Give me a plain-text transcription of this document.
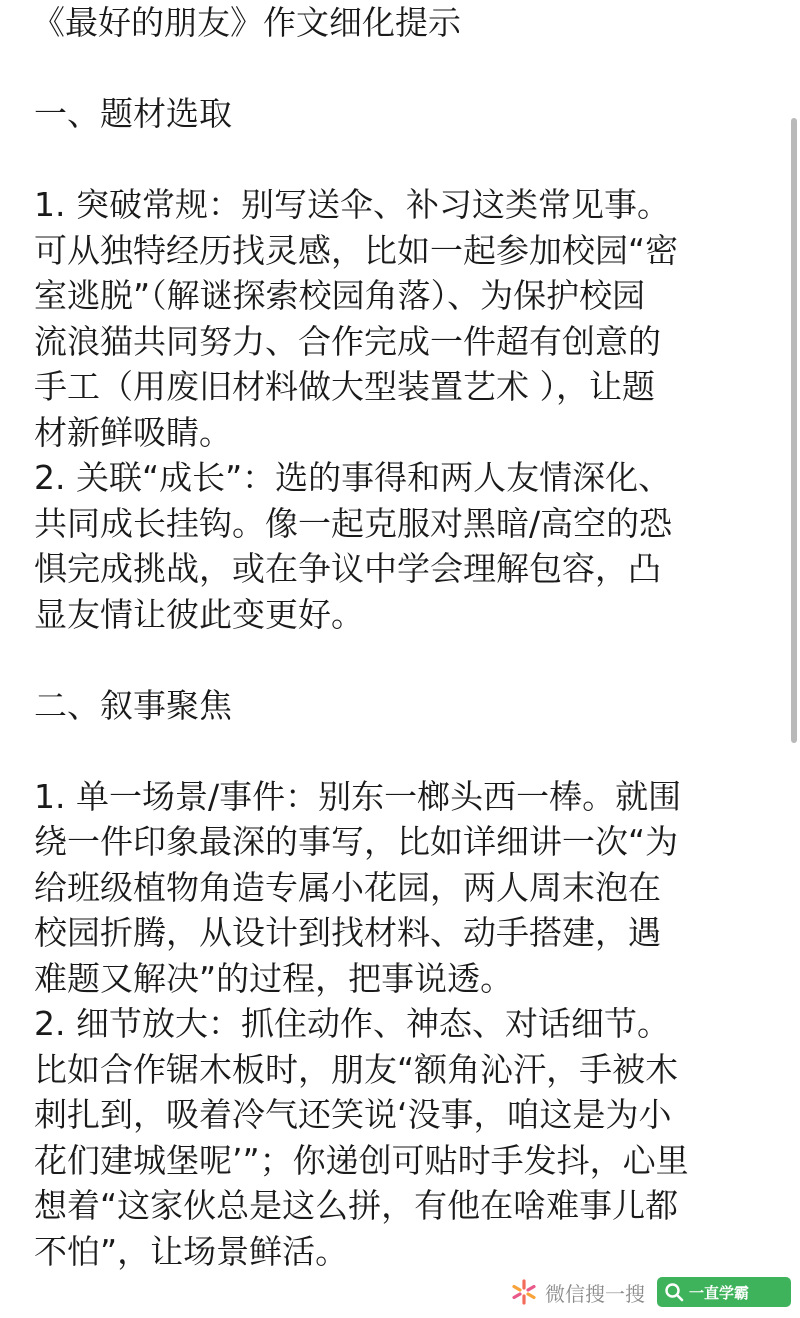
《最好的朋友》作文细化提示
一、题材选取
1. 突破常规：别写送伞、补习这类常见事。
可从独特经历找灵感，比如一起参加校园“密
室逃脱”（解谜探索校园角落）、为保护校园
流浪猫共同努力、合作完成一件超有创意的
手工（用废旧材料做大型装置艺术 ），让题
材新鲜吸睛。
2. 关联“成长”：选的事得和两人友情深化、
共同成长挂钩。像一起克服对黑暗/高空的恐
惧完成挑战，或在争议中学会理解包容，凸
显友情让彼此变更好。
二、叙事聚焦
1. 单一场景/事件：别东一榔头西一棒。就围
绕一件印象最深的事写，比如详细讲一次“为
给班级植物角造专属小花园，两人周末泡在
校园折腾，从设计到找材料、动手搭建，遇
难题又解决”的过程，把事说透。
2. 细节放大：抓住动作、神态、对话细节。
比如合作锯木板时，朋友“额角沁汗，手被木
刺扎到，吸着冷气还笑说‘没事，咱这是为小
花们建城堡呢’”；你递创可贴时手发抖，心里
想着“这家伙总是这么拼，有他在啥难事儿都
不怕”，让场景鲜活。
微信搜一搜	一直学霸
